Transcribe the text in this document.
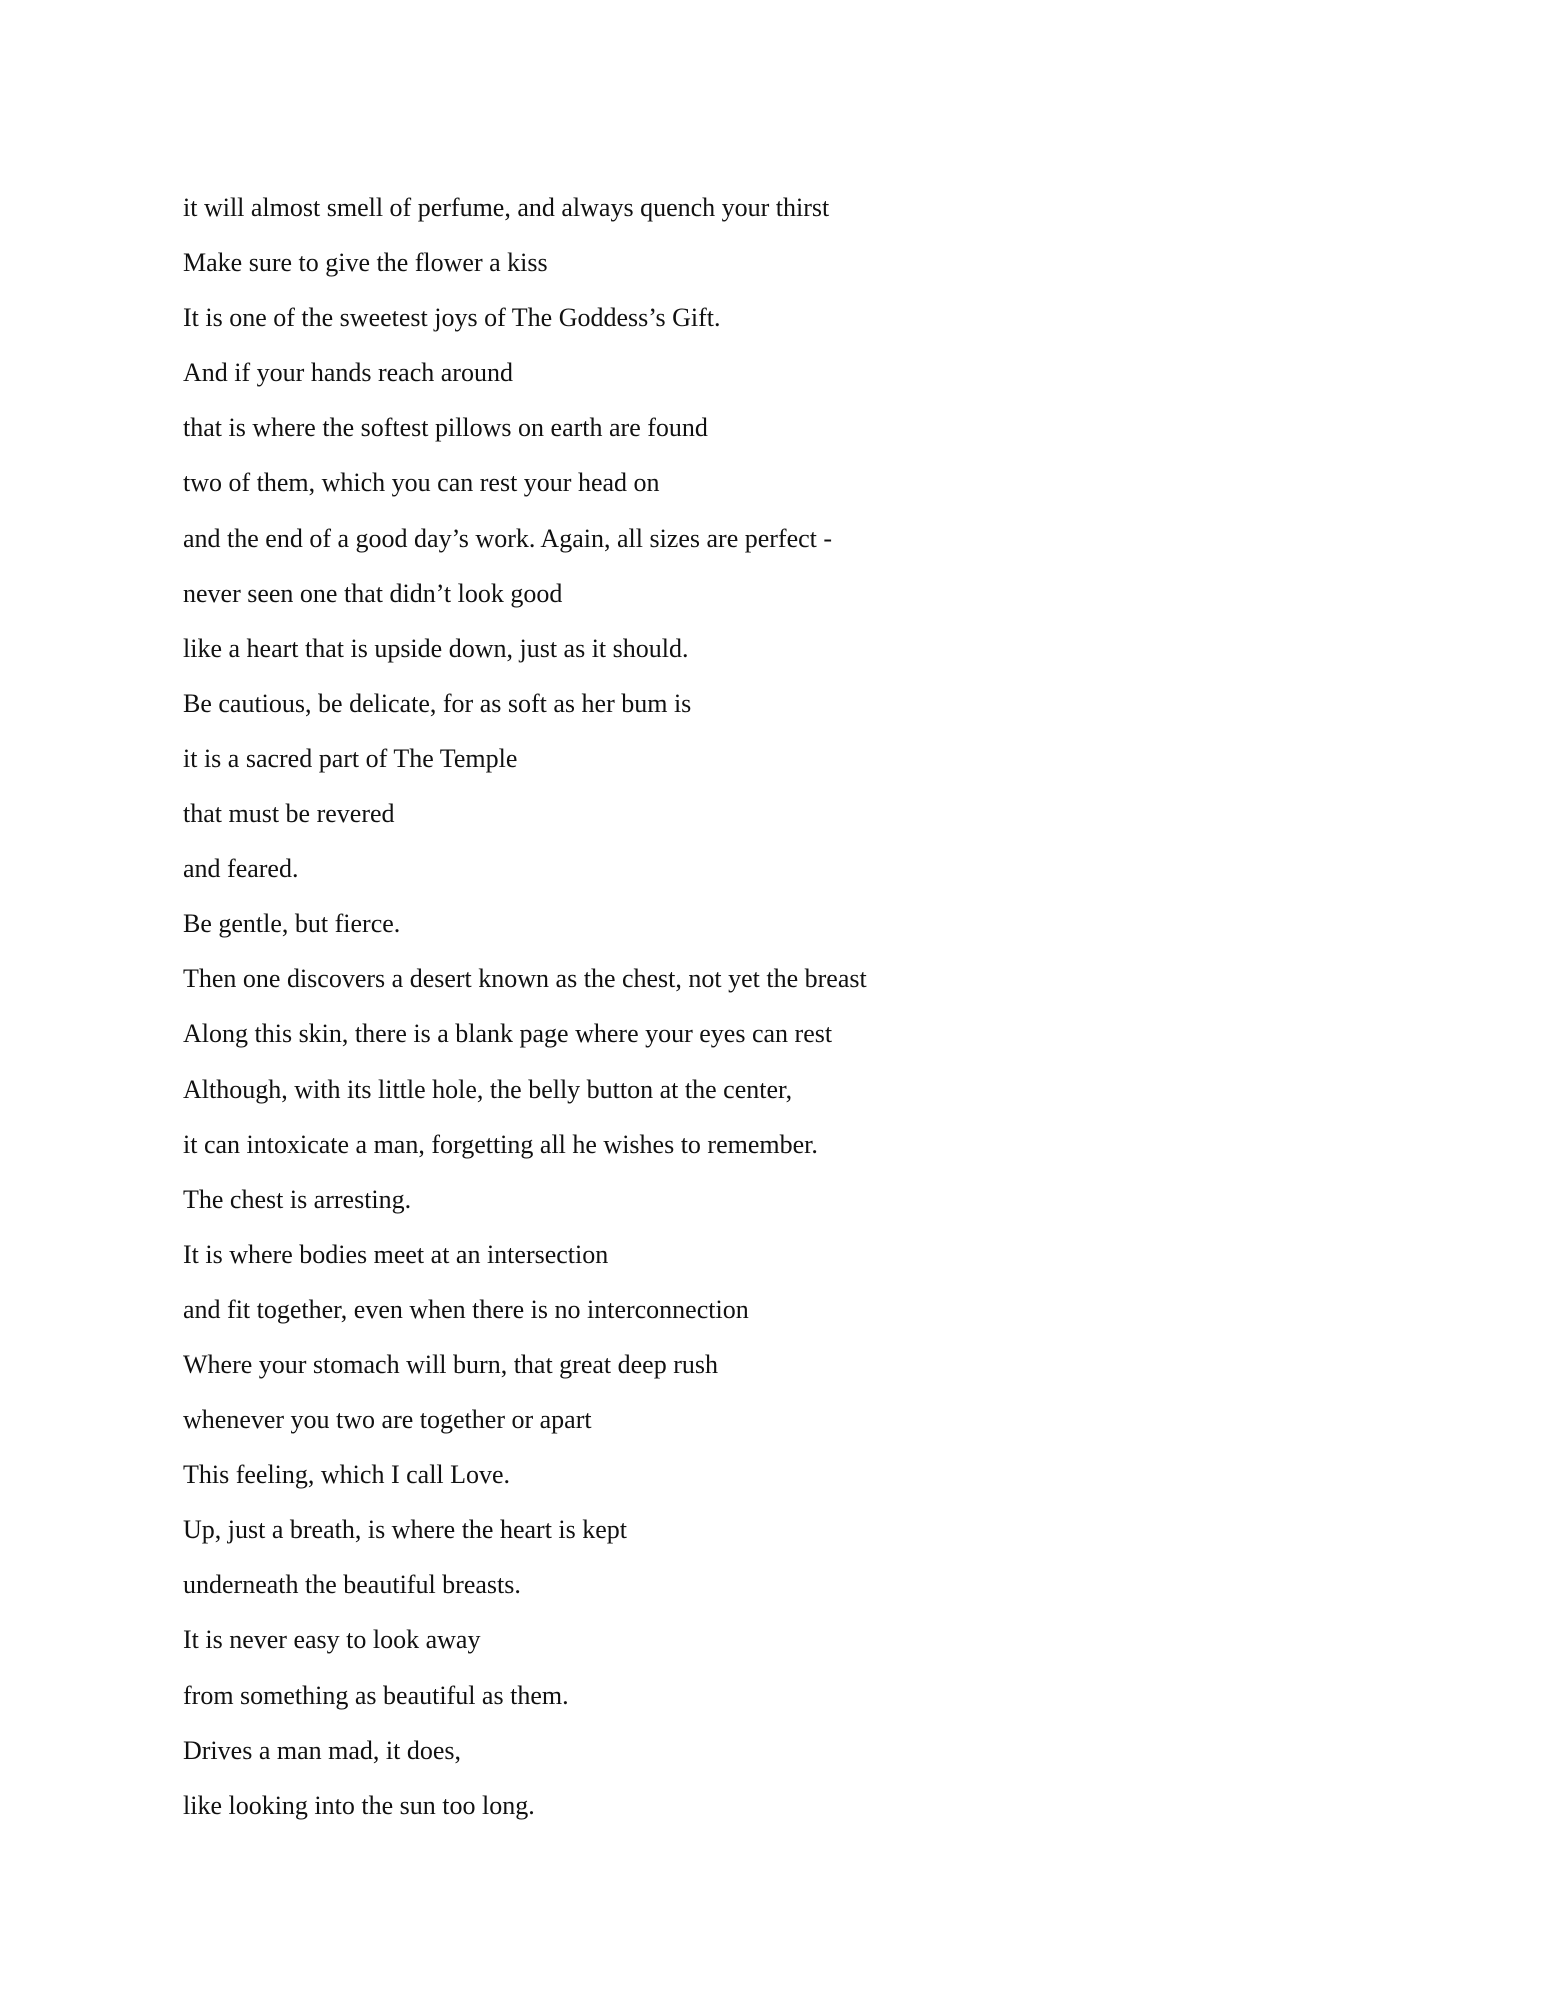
it will almost smell of perfume, and always quench your thirst

Make sure to give the flower a kiss

It is one of the sweetest joys of The Goddess’s Gift.

And if your hands reach around

that is where the softest pillows on earth are found

two of them, which you can rest your head on

and the end of a good day’s work. Again, all sizes are perfect -

never seen one that didn’t look good

like a heart that is upside down, just as it should.

Be cautious, be delicate, for as soft as her bum is

it is a sacred part of The Temple

that must be revered

and feared.

Be gentle, but fierce.

Then one discovers a desert known as the chest, not yet the breast

Along this skin, there is a blank page where your eyes can rest

Although, with its little hole, the belly button at the center,

it can intoxicate a man, forgetting all he wishes to remember.

The chest is arresting.

It is where bodies meet at an intersection

and fit together, even when there is no interconnection

Where your stomach will burn, that great deep rush

whenever you two are together or apart

This feeling, which I call Love.

Up, just a breath, is where the heart is kept

underneath the beautiful breasts.

It is never easy to look away

from something as beautiful as them.

Drives a man mad, it does,

like looking into the sun too long.
